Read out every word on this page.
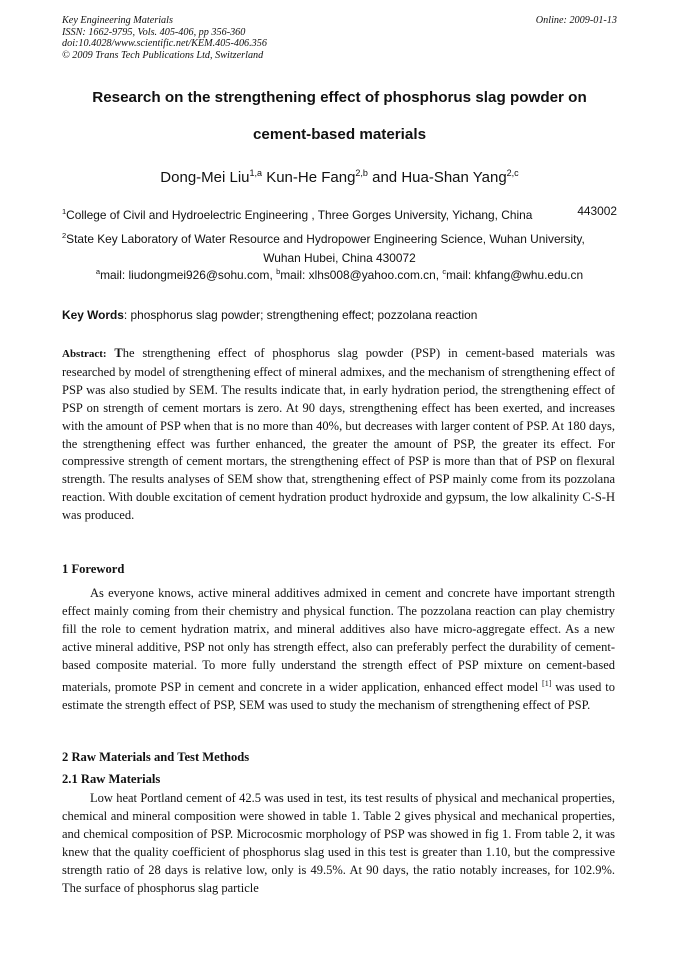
Key Engineering Materials
ISSN: 1662-9795, Vols. 405-406, pp 356-360
doi:10.4028/www.scientific.net/KEM.405-406.356
© 2009 Trans Tech Publications Ltd, Switzerland
Online: 2009-01-13
Research on the strengthening effect of phosphorus slag powder on
cement-based materials
Dong-Mei Liu$^{1,a}$ Kun-He Fang$^{2,b}$ and Hua-Shan Yang$^{2,c}$
$^1$College of Civil and Hydroelectric Engineering , Three Gorges University, Yichang, China	443002
$^2$State Key Laboratory of Water Resource and Hydropower Engineering Science, Wuhan University,
Wuhan Hubei, China 430072
$^a$mail: liudongmei926@sohu.com, $^b$mail: xlhs008@yahoo.com.cn, $^c$mail: khfang@whu.edu.cn
Key Words: phosphorus slag powder; strengthening effect; pozzolana reaction
Abstract: The strengthening effect of phosphorus slag powder (PSP) in cement-based materials was researched by model of strengthening effect of mineral admixes, and the mechanism of strengthening effect of PSP was also studied by SEM. The results indicate that, in early hydration period, the strengthening effect of PSP on strength of cement mortars is zero. At 90 days, strengthening effect has been exerted, and increases with the amount of PSP when that is no more than 40%, but decreases with larger content of PSP. At 180 days, the strengthening effect was further enhanced, the greater the amount of PSP, the greater its effect. For compressive strength of cement mortars, the strengthening effect of PSP is more than that of PSP on flexural strength. The results analyses of SEM show that, strengthening effect of PSP mainly come from its pozzolana reaction. With double excitation of cement hydration product hydroxide and gypsum, the low alkalinity C-S-H was produced.
1 Foreword
As everyone knows, active mineral additives admixed in cement and concrete have important strength effect mainly coming from their chemistry and physical function. The pozzolana reaction can play chemistry fill the role to cement hydration matrix, and mineral additives also have micro-aggregate effect. As a new active mineral additive, PSP not only has strength effect, also can preferably perfect the durability of cement-based composite material. To more fully understand the strength effect of PSP mixture on cement-based materials, promote PSP in cement and concrete in a wider application, enhanced effect model [1] was used to estimate the strength effect of PSP, SEM was used to study the mechanism of strengthening effect of PSP.
2 Raw Materials and Test Methods
2.1 Raw Materials
Low heat Portland cement of 42.5 was used in test, its test results of physical and mechanical properties, chemical and mineral composition were showed in table 1. Table 2 gives physical and mechanical properties, and chemical composition of PSP. Microcosmic morphology of PSP was showed in fig 1. From table 2, it was knew that the quality coefficient of phosphorus slag used in this test is greater than 1.10, but the compressive strength ratio of 28 days is relative low, only is 49.5%. At 90 days, the ratio notably increases, for 102.9%. The surface of phosphorus slag particle
